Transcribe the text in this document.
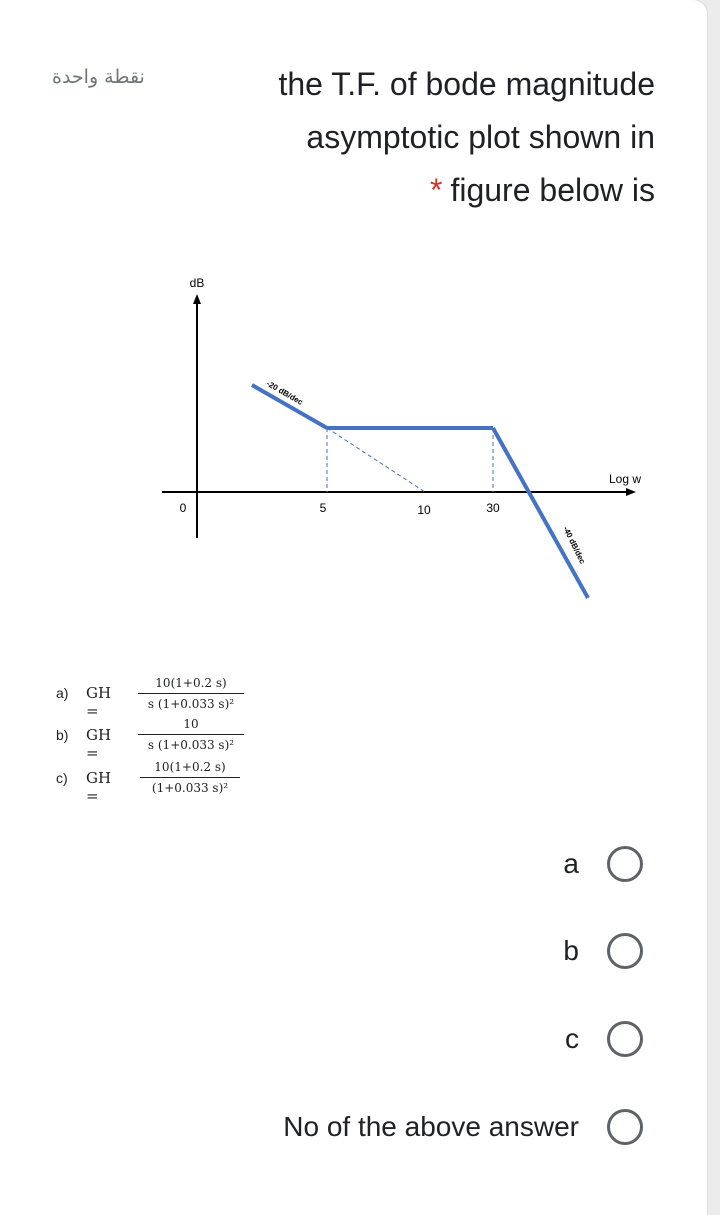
نقطة واحدة	the T.F. of bode magnitude
asymptotic plot shown in
* figure below is
dB
Log w
0	5	10	30
-20 dB/dec
-40 dB/dec
a) GH =	$\frac{10(1+0.2 s)}{\text{s (1+0.033 s)²}}$
b) GH =
$\frac{10}{\text{s (1+0.033 s)²}}$
c) GH =
$\frac{10(1+0.2 s)}{\text{(1+0.033 s)²}}$
a
b
c
No of the above answer
